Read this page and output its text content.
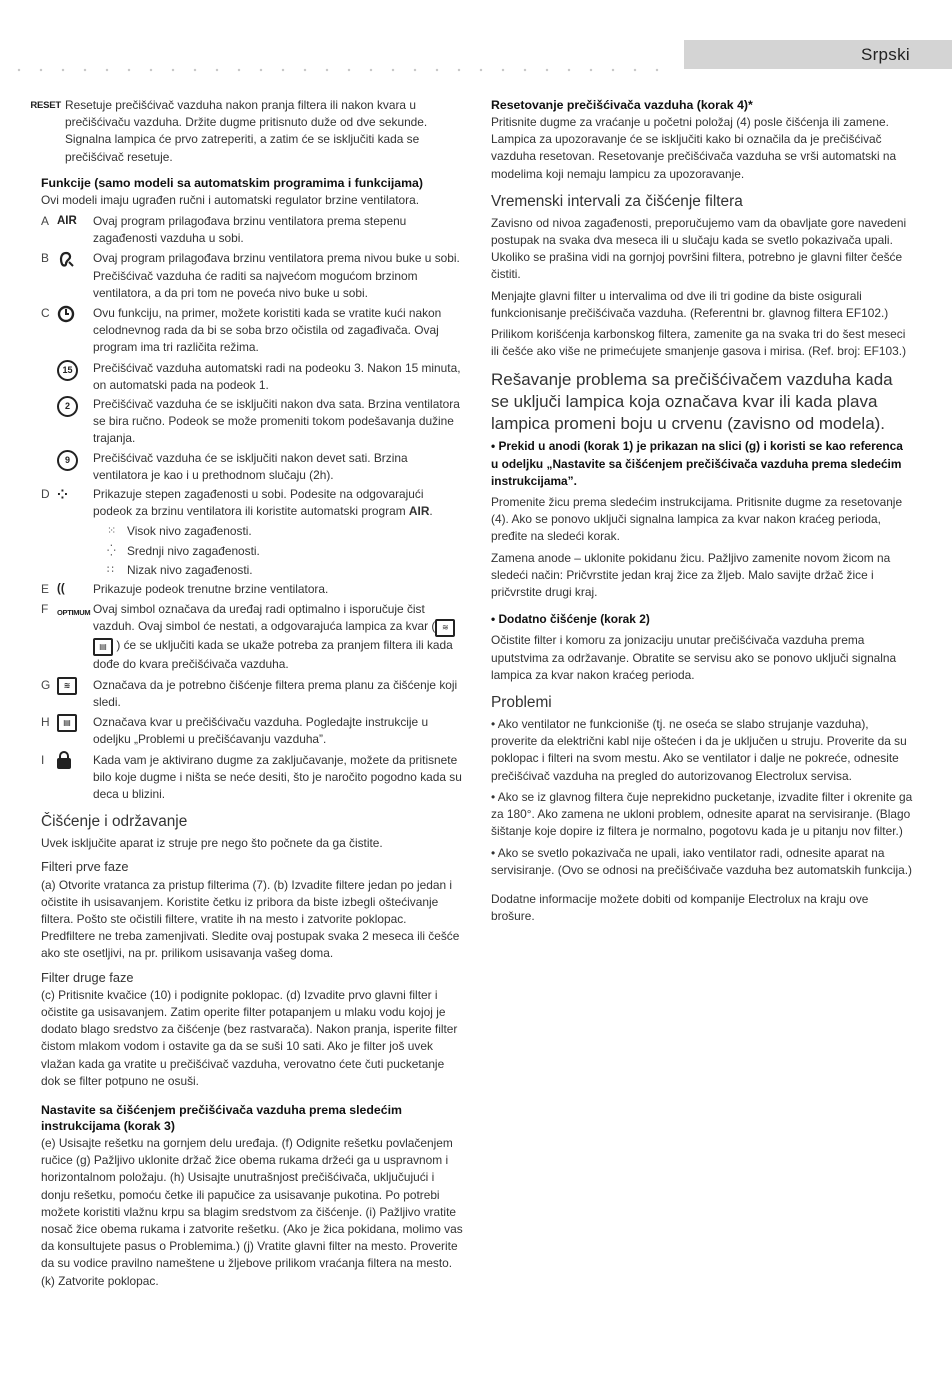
Srpski
RESET Resetuje prečišćivač vazduha nakon pranja filtera ili nakon kvara u prečišćivaču vazduha. Držite dugme pritisnuto duže od dve sekunde. Signalna lampica će prvo zatreperiti, a zatim će se isključiti kada se prečišćivač resetuje.
Funkcije (samo modeli sa automatskim programima i funkcijama)

Ovi modeli imaju ugrađen ručni i automatski regulator brzine ventilatora.

A AIR	Ovaj program prilagođava brzinu ventilatora prema stepenu zagađenosti vazduha u sobi.
B	Ovaj program prilagođava brzinu ventilatora prema nivou buke u sobi. Prečišćivač vazduha će raditi sa najvećom mogućom brzinom ventilatora, a da pri tom ne poveća nivo buke u sobi.
C	Ovu funkciju, na primer, možete koristiti kada se vratite kući nakon celodnevnog rada da bi se soba brzo očistila od zagađivača. Ovaj program ima tri različita režima.
15	Prečišćivač vazduha automatski radi na podeoku 3. Nakon 15 minuta, on automatski pada na podeok 1.
2	Prečišćivač vazduha će se isključiti nakon dva sata. Brzina ventilatora se bira ručno. Podeok se može promeniti tokom podešavanja dužine trajanja.
9	Prečišćivač vazduha će se isključiti nakon devet sati. Brzina ventilatora je kao i u prethodnom slučaju (2h).
D ⁘	Prikazuje stepen zagađenosti u sobi. Podesite na odgovarajući podeok za brzinu ventilatora ili koristite automatski program AIR.
⁙ Visok nivo zagađenosti.
⁛ Srednji nivo zagađenosti.
∷	Nizak nivo zagađenosti.
E ((	Prikazuje podeok trenutne brzine ventilatora.
F	OPTIMUM Ovaj simbol označava da uređaj radi optimalno i isporučuje čist vazduh. Ovaj simbol će nestati, a odgovarajuća lampica za kvar ( ≋ ▤ ) će se uključiti kada se ukaže potreba za pranjem filtera ili kada dođe do kvara prečišćivača vazduha.
G	≋	Označava da je potrebno čišćenje filtera prema planu za čišćenje koji sledi.
H	▤	Označava kvar u prečišćivaču vazduha. Pogledajte instrukcije u odeljku „Problemi u prečišćavanju vazduha”.
I	Kada vam je aktivirano dugme za zaključavanje, možete da pritisnete bilo koje dugme i ništa se neće desiti, što je naročito pogodno kada su deca u blizini.
Čišćenje i održavanje

Uvek isključite aparat iz struje pre nego što počnete da ga čistite.

Filteri prve faze

(a) Otvorite vratanca za pristup filterima (7). (b) Izvadite filtere jedan po jedan i očistite ih usisavanjem. Koristite četku iz pribora da biste izbegli oštećivanje filtera. Pošto ste očistili filtere, vratite ih na mesto i zatvorite poklopac. Predfiltere ne treba zamenjivati. Sledite ovaj postupak svaka 2 meseca ili češće ako ste osetljivi, na pr. prilikom usisavanja vašeg doma.

Filter druge faze

(c) Pritisnite kvačice (10) i podignite poklopac. (d) Izvadite prvo glavni filter i očistite ga usisavanjem. Zatim operite filter potapanjem u mlaku vodu kojoj je dodato blago sredstvo za čišćenje (bez rastvarača). Nakon pranja, isperite filter čistom mlakom vodom i ostavite ga da se suši 10 sati. Ako je filter još uvek vlažan kada ga vratite u prečišćivač vazduha, verovatno ćete čuti pucketanje dok se filter potpuno ne osuši.

Nastavite sa čišćenjem prečišćivača vazduha prema sledećim instrukcijama (korak 3)

(e) Usisajte rešetku na gornjem delu uređaja. (f) Odignite rešetku povlačenjem ručice (g) Pažljivo uklonite držač žice obema rukama držeći ga u uspravnom i horizontalnom položaju. (h) Usisajte unutrašnjost prečišćivača, uključujući i donju rešetku, pomoću četke ili papučice za usisavanje pukotina. Po potrebi možete koristiti vlažnu krpu sa blagim sredstvom za čišćenje. (i) Pažljivo vratite nosač žice obema rukama i zatvorite rešetku. (Ako je žica pokidana, molimo vas da konsultujete pasus o Problemima.) (j) Vratite glavni filter na mesto. Proverite da su vodice pravilno nameštene u žljebove prilikom vraćanja filtera na mesto. (k) Zatvorite poklopac.

Resetovanje prečišćivača vazduha (korak 4)*

Pritisnite dugme za vraćanje u početni položaj (4) posle čišćenja ili zamene. Lampica za upozoravanje će se isključiti kako bi označila da je prečišćivač vazduha resetovan. Resetovanje prečišćivača vazduha se vrši automatski na modelima koji nemaju lampicu za upozoravanje.

Vremenski intervali za čišćenje filtera

Zavisno od nivoa zagađenosti, preporučujemo vam da obavljate gore navedeni postupak na svaka dva meseca ili u slučaju kada se svetlo pokazivača upali. Ukoliko se prašina vidi na gornjoj površini filtera, potrebno je glavni filter češće čistiti.

Menjajte glavni filter u intervalima od dve ili tri godine da biste osigurali funkcionisanje prečišćivača vazduha. (Referentni br. glavnog filtera EF102.)

Prilikom korišćenja karbonskog filtera, zamenite ga na svaka tri do šest meseci ili češće ako više ne primećujete smanjenje gasova i mirisa. (Ref. broj: EF103.)

Rešavanje problema sa prečišćivačem vazduha kada se uključi lampica koja označava kvar ili kada plava lampica promeni boju u crvenu (zavisno od modela).

• Prekid u anodi (korak 1) je prikazan na slici (g) i koristi se kao referenca u odeljku „Nastavite sa čišćenjem prečišćivača vazduha prema sledećim instrukcijama”.

Promenite žicu prema sledećim instrukcijama. Pritisnite dugme za resetovanje (4). Ako se ponovo uključi signalna lampica za kvar nakon kraćeg perioda, pređite na sledeći korak.

Zamena anode – uklonite pokidanu žicu. Pažljivo zamenite novom žicom na sledeći način: Pričvrstite jedan kraj žice za žljeb. Malo savijte držač žice i pričvrstite drugi kraj.

• Dodatno čišćenje (korak 2)

Očistite filter i komoru za jonizaciju unutar prečišćivača vazduha prema uputstvima za održavanje. Obratite se servisu ako se ponovo uključi signalna lampica za kvar nakon kraćeg perioda.

Problemi

• Ako ventilator ne funkcioniše (tj. ne oseća se slabo strujanje vazduha), proverite da električni kabl nije oštećen i da je uključen u struju. Proverite da su poklopac i filteri na svom mestu. Ako se ventilator i dalje ne pokreće, odnesite prečišćivač vazduha na pregled do autorizovanog Electrolux servisa.

• Ako se iz glavnog filtera čuje neprekidno pucketanje, izvadite filter i okrenite ga za 180°. Ako zamena ne ukloni problem, odnesite aparat na servisiranje. (Blago šištanje koje dopire iz filtera je normalno, pogotovu kada je u pitanju nov filter.)

• Ako se svetlo pokazivača ne upali, iako ventilator radi, odnesite aparat na servisiranje. (Ovo se odnosi na prečišćivače vazduha bez automatskih funkcija.)

Dodatne informacije možete dobiti od kompanije Electrolux na kraju ove brošure.
